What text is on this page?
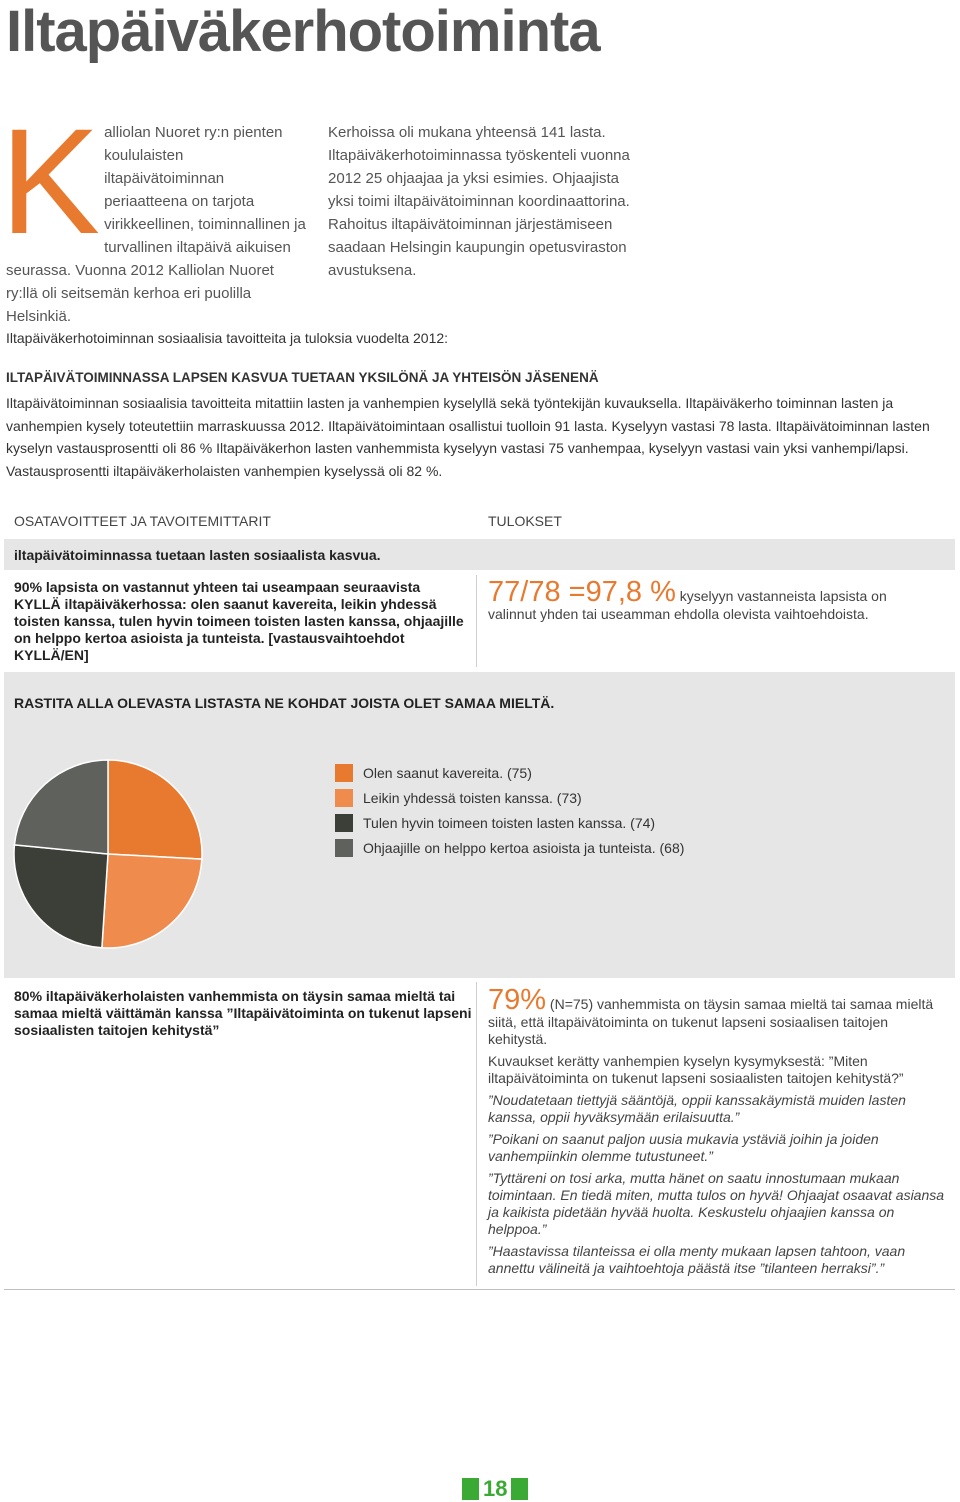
Iltapäiväkerhotoiminta
Kalliolan Nuoret ry:n pienten koululaisten iltapäivätoiminnan periaatteena on tarjota virikkeellinen, toiminnallinen ja turvallinen iltapäivä aikuisen seurassa. Vuonna 2012 Kalliolan Nuoret ry:llä oli seitsemän kerhoa eri puolilla Helsinkiä.
Kerhoissa oli mukana yhteensä 141 lasta. Iltapäiväkerhotoiminnassa työskenteli vuonna 2012 25 ohjaajaa ja yksi esimies. Ohjaajista yksi toimi iltapäivätoiminnan koordinaattorina. Rahoitus iltapäivätoiminnan järjestämiseen saadaan Helsingin kaupungin opetusviraston avustuksena.
Iltapäiväkerhotoiminnan sosiaalisia tavoitteita ja tuloksia vuodelta 2012:
ILTAPÄIVÄTOIMINNASSA LAPSEN KASVUA TUETAAN YKSILÖNÄ JA YHTEISÖN JÄSENENÄ
Iltapäivätoiminnan sosiaalisia tavoitteita mitattiin lasten ja vanhempien kyselyllä sekä työntekijän kuvauksella. Iltapäiväkerho toiminnan lasten ja vanhempien kysely toteutettiin marraskuussa 2012. Iltapäivätoimintaan osallistui tuolloin 91 lasta. Kyselyyn vastasi 78 lasta. Iltapäivätoiminnan lasten kyselyn vastausprosentti oli 86 % Iltapäiväkerhon lasten vanhemmista kyselyyn vastasi 75 vanhempaa, kyselyyn vastasi vain yksi vanhempi/lapsi. Vastausprosentti iltapäiväkerholaisten vanhempien kyselyssä oli 82 %.
OSATAVOITTEET JA TAVOITEMITTARIT	TULOKSET
iltapäivätoiminnassa tuetaan lasten sosiaalista kasvua.
90% lapsista on vastannut yhteen tai useampaan seuraavista KYLLÄ iltapäiväkerhossa: olen saanut kavereita, leikin yhdessä toisten kanssa, tulen hyvin toimeen toisten lasten kanssa, ohjaajille on helppo kertoa asioista ja tunteista. [vastausvaihtoehdot KYLLÄ/EN]
77/78 =97,8 % kyselyyn vastanneista lapsista on valinnut yhden tai useamman ehdolla olevista vaihtoehdoista.
RASTITA ALLA OLEVASTA LISTASTA NE KOHDAT JOISTA OLET SAMAA MIELTÄ.
Olen saanut kavereita. (75)
Leikin yhdessä toisten kanssa. (73)
Tulen hyvin toimeen toisten lasten kanssa. (74)
Ohjaajille on helppo kertoa asioista ja tunteista. (68)
80% iltapäiväkerholaisten vanhemmista on täysin samaa mieltä tai samaa mieltä väittämän kanssa ”Iltapäivätoiminta on tukenut lapseni sosiaalisten taitojen kehitystä”

79% (N=75) vanhemmista on täysin samaa mieltä tai samaa mieltä siitä, että iltapäivätoiminta on tukenut lapseni sosiaalisen taitojen kehitystä.

Kuvaukset kerätty vanhempien kyselyn kysymyksestä: ”Miten iltapäivätoiminta on tukenut lapseni sosiaalisten taitojen kehitystä?”

”Noudatetaan tiettyjä sääntöjä, oppii kanssakäymistä muiden lasten kanssa, oppii hyväksymään erilaisuutta.”

”Poikani on saanut paljon uusia mukavia ystäviä joihin ja joiden vanhempiinkin olemme tutustuneet.”

”Tyttäreni on tosi arka, mutta hänet on saatu innostumaan mukaan toimintaan. En tiedä miten, mutta tulos on hyvä! Ohjaajat osaavat asiansa ja kaikista pidetään hyvää huolta. Keskustelu ohjaajien kanssa on helppoa.”

”Haastavissa tilanteissa ei olla menty mukaan lapsen tahtoon, vaan annettu välineitä ja vaihtoehtoja päästä itse ”tilanteen herraksi”.”

18
